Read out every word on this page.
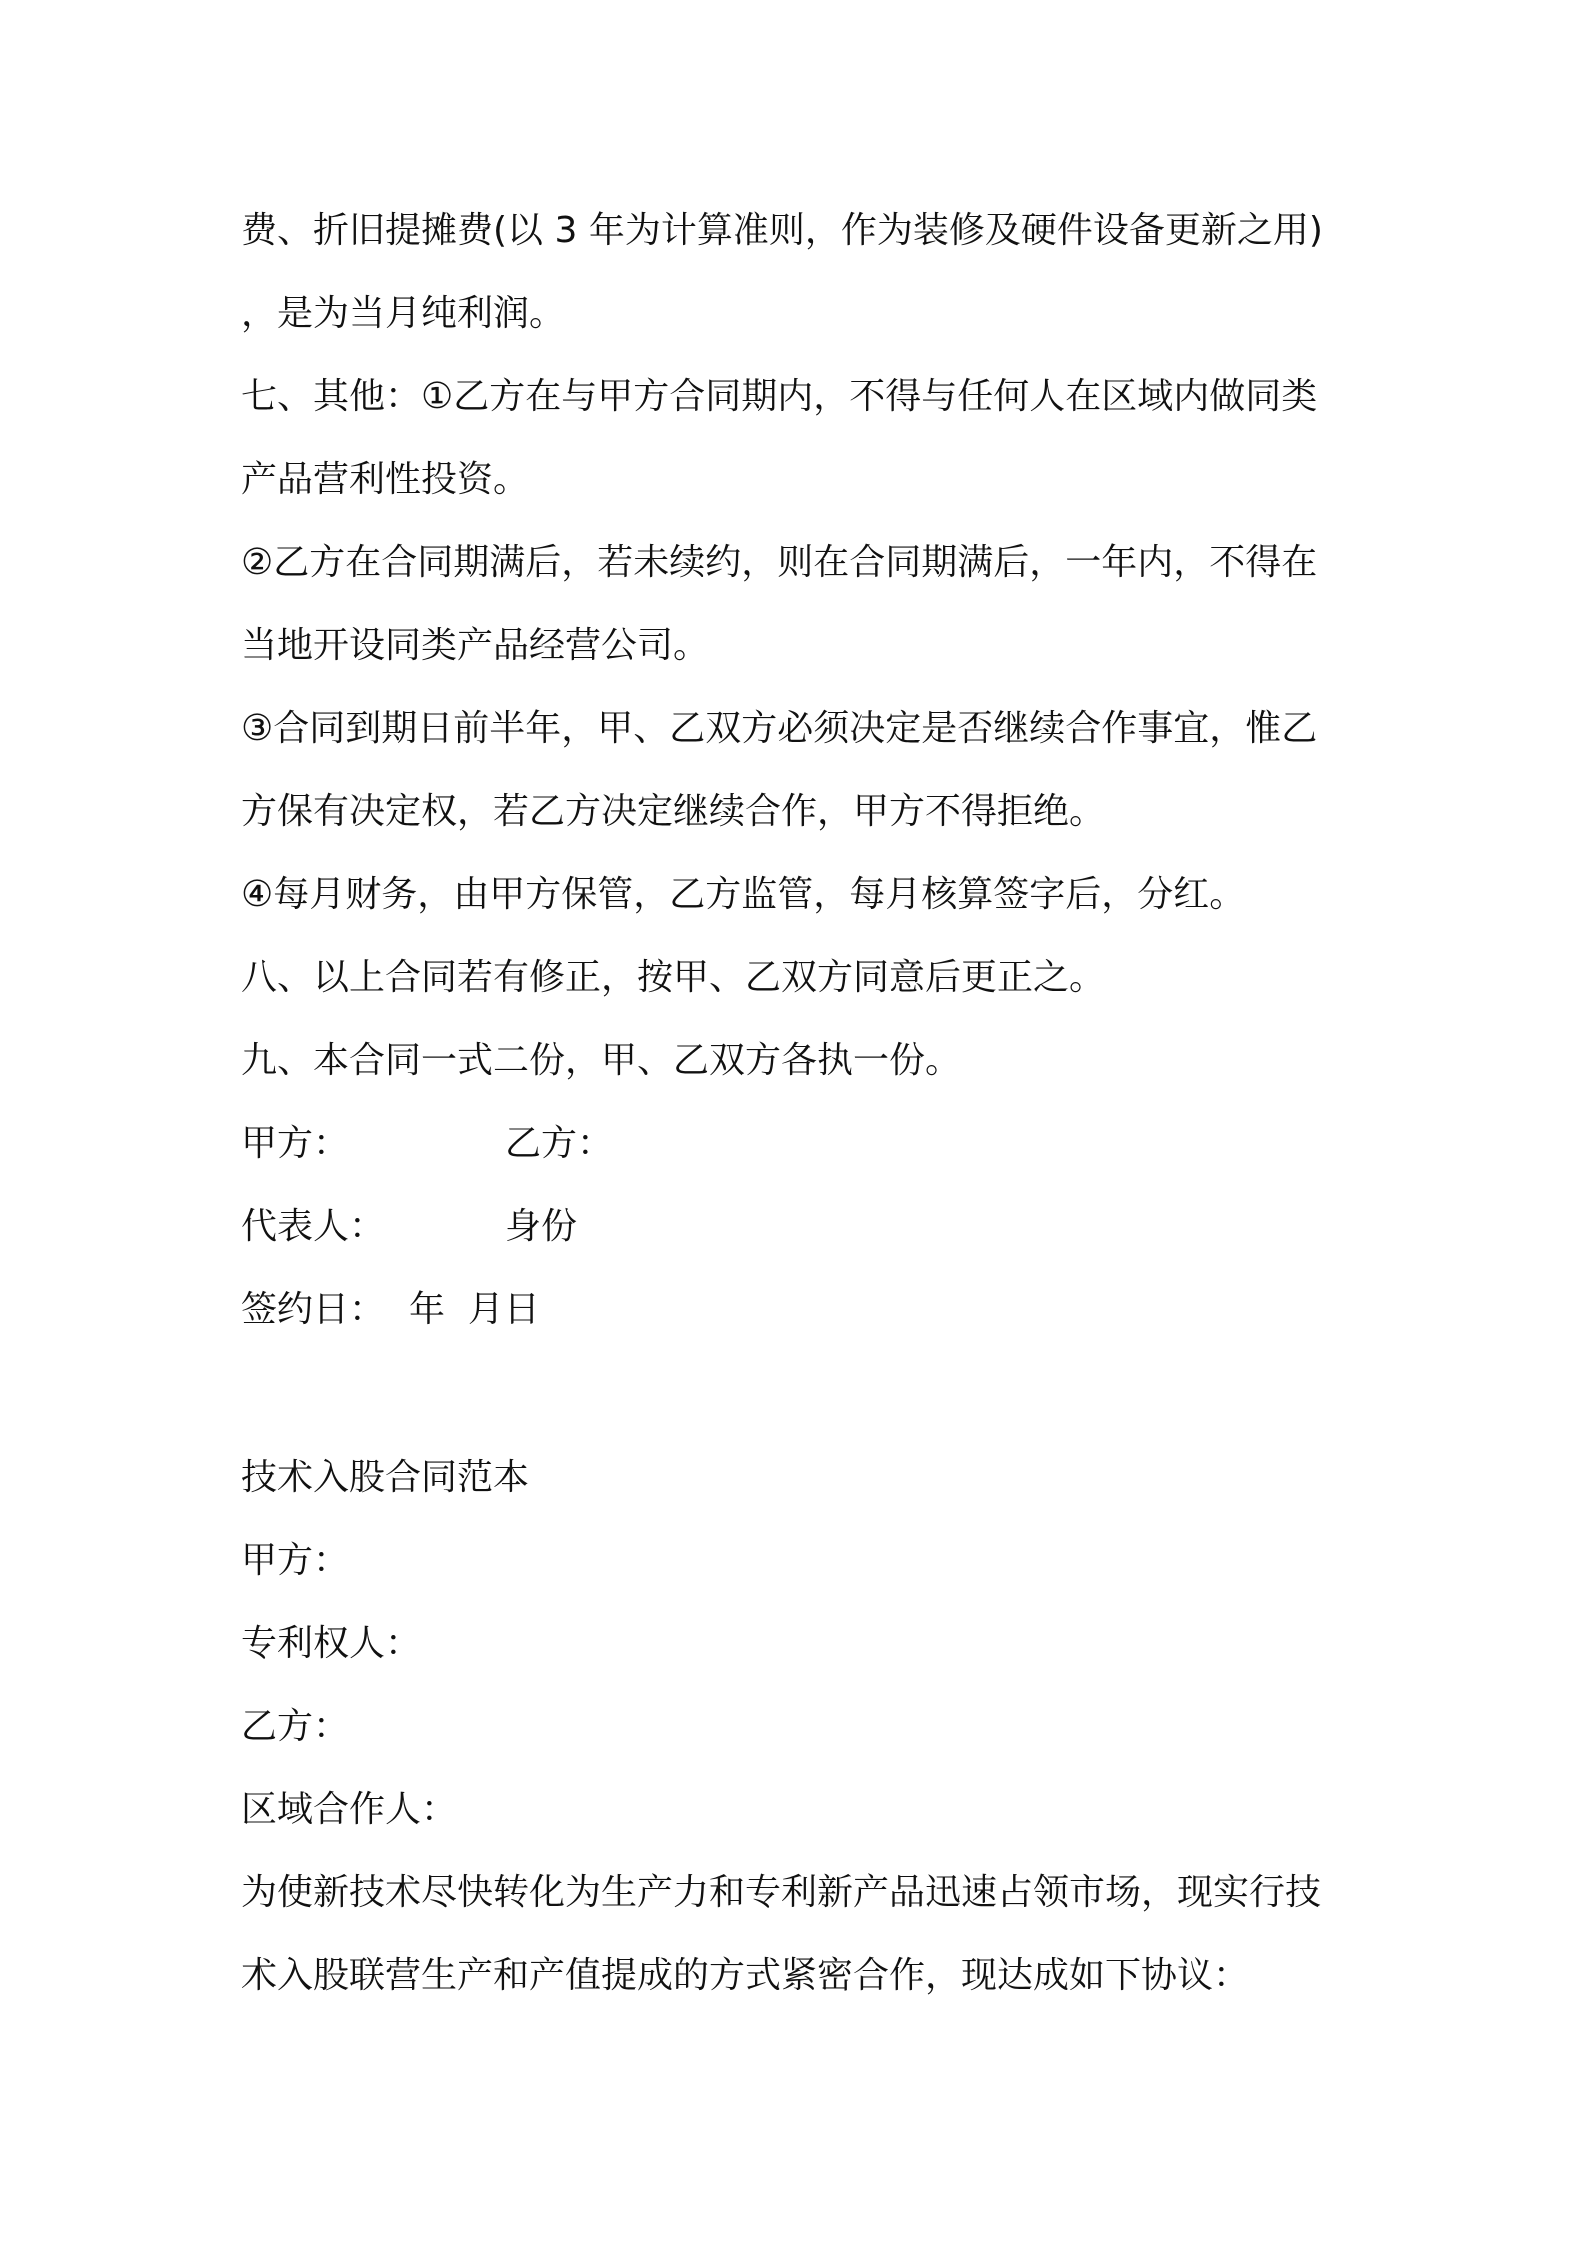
费、折旧提摊费(以 3 年为计算准则，作为装修及硬件设备更新之用)
，是为当月纯利润。
七、其他：①乙方在与甲方合同期内，不得与任何人在区域内做同类
产品营利性投资。
②乙方在合同期满后，若未续约，则在合同期满后，一年内，不得在
当地开设同类产品经营公司。
③合同到期日前半年，甲、乙双方必须决定是否继续合作事宜，惟乙
方保有决定权，若乙方决定继续合作，甲方不得拒绝。
④每月财务，由甲方保管，乙方监管，每月核算签字后，分红。
八、以上合同若有修正，按甲、乙双方同意后更正之。
九、本合同一式二份，甲、乙双方各执一份。
甲方：	乙方：
代表人：	身份
签约日： 年  月日
技术入股合同范本
甲方：
专利权人：
乙方：
区域合作人：
为使新技术尽快转化为生产力和专利新产品迅速占领市场，现实行技
术入股联营生产和产值提成的方式紧密合作，现达成如下协议：
